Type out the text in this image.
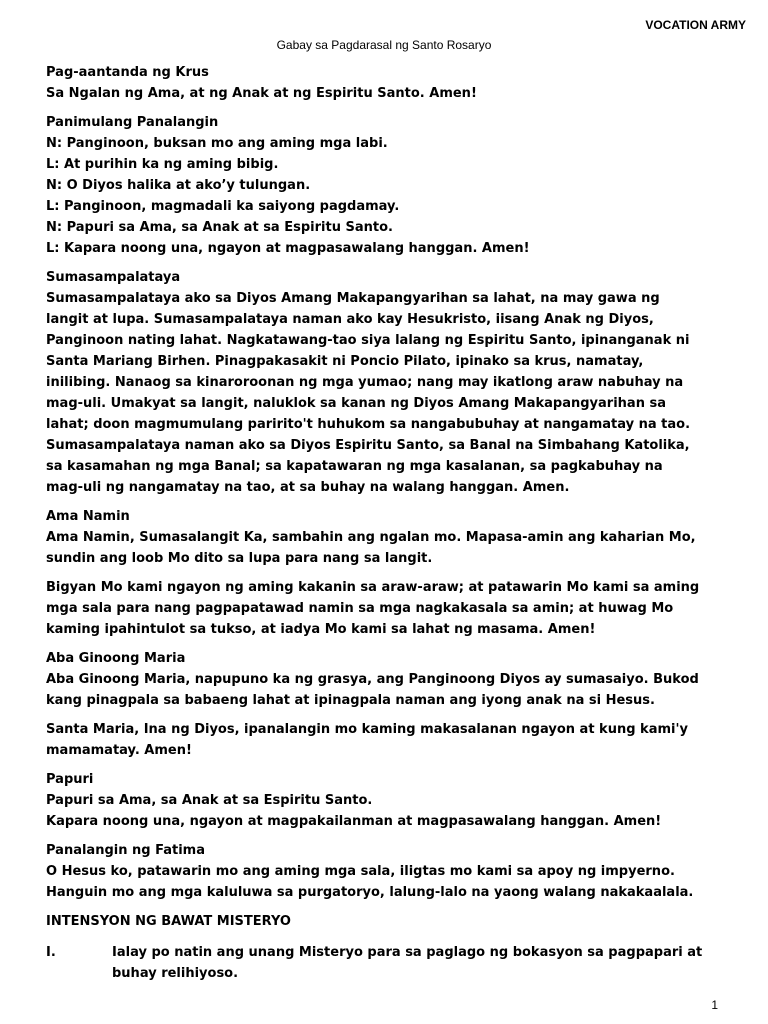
VOCATION ARMY
Gabay sa Pagdarasal ng Santo Rosaryo
Pag-aantanda ng Krus
Sa Ngalan ng Ama, at ng Anak at ng Espiritu Santo. Amen!
Panimulang Panalangin
N: Panginoon, buksan mo ang aming mga labi.
L: At purihin ka ng aming bibig.
N: O Diyos halika at ako’y tulungan.
L: Panginoon, magmadali ka saiyong pagdamay.
N: Papuri sa Ama, sa Anak at sa Espiritu Santo.
L: Kapara noong una, ngayon at magpasawalang hanggan. Amen!
Sumasampalataya
Sumasampalataya ako sa Diyos Amang Makapangyarihan sa lahat, na may gawa ng
langit at lupa. Sumasampalataya naman ako kay Hesukristo, iisang Anak ng Diyos,
Panginoon nating lahat. Nagkatawang-tao siya lalang ng Espiritu Santo, ipinanganak ni
Santa Mariang Birhen. Pinagpakasakit ni Poncio Pilato, ipinako sa krus, namatay,
inilibing. Nanaog sa kinaroroonan ng mga yumao; nang may ikatlong araw nabuhay na
mag-uli. Umakyat sa langit, naluklok sa kanan ng Diyos Amang Makapangyarihan sa
lahat; doon magmumulang paririto't huhukom sa nangabubuhay at nangamatay na tao.
Sumasampalataya naman ako sa Diyos Espiritu Santo, sa Banal na Simbahang Katolika,
sa kasamahan ng mga Banal; sa kapatawaran ng mga kasalanan, sa pagkabuhay na
mag-uli ng nangamatay na tao, at sa buhay na walang hanggan. Amen.
Ama Namin
Ama Namin, Sumasalangit Ka, sambahin ang ngalan mo. Mapasa-amin ang kaharian Mo,
sundin ang loob Mo dito sa lupa para nang sa langit.
Bigyan Mo kami ngayon ng aming kakanin sa araw-araw; at patawarin Mo kami sa aming
mga sala para nang pagpapatawad namin sa mga nagkakasala sa amin; at huwag Mo
kaming ipahintulot sa tukso, at iadya Mo kami sa lahat ng masama. Amen!
Aba Ginoong Maria
Aba Ginoong Maria, napupuno ka ng grasya, ang Panginoong Diyos ay sumasaiyo. Bukod
kang pinagpala sa babaeng lahat at ipinagpala naman ang iyong anak na si Hesus.
Santa Maria, Ina ng Diyos, ipanalangin mo kaming makasalanan ngayon at kung kami'y
mamamatay. Amen!
Papuri
Papuri sa Ama, sa Anak at sa Espiritu Santo.
Kapara noong una, ngayon at magpakailanman at magpasawalang hanggan. Amen!
Panalangin ng Fatima
O Hesus ko, patawarin mo ang aming mga sala, iligtas mo kami sa apoy ng impyerno.
Hanguin mo ang mga kaluluwa sa purgatoryo, lalung-lalo na yaong walang nakakaalala.
INTENSYON NG BAWAT MISTERYO
I.	Ialay po natin ang unang Misteryo para sa paglago ng bokasyon sa pagpapari at
buhay relihiyoso.
1
